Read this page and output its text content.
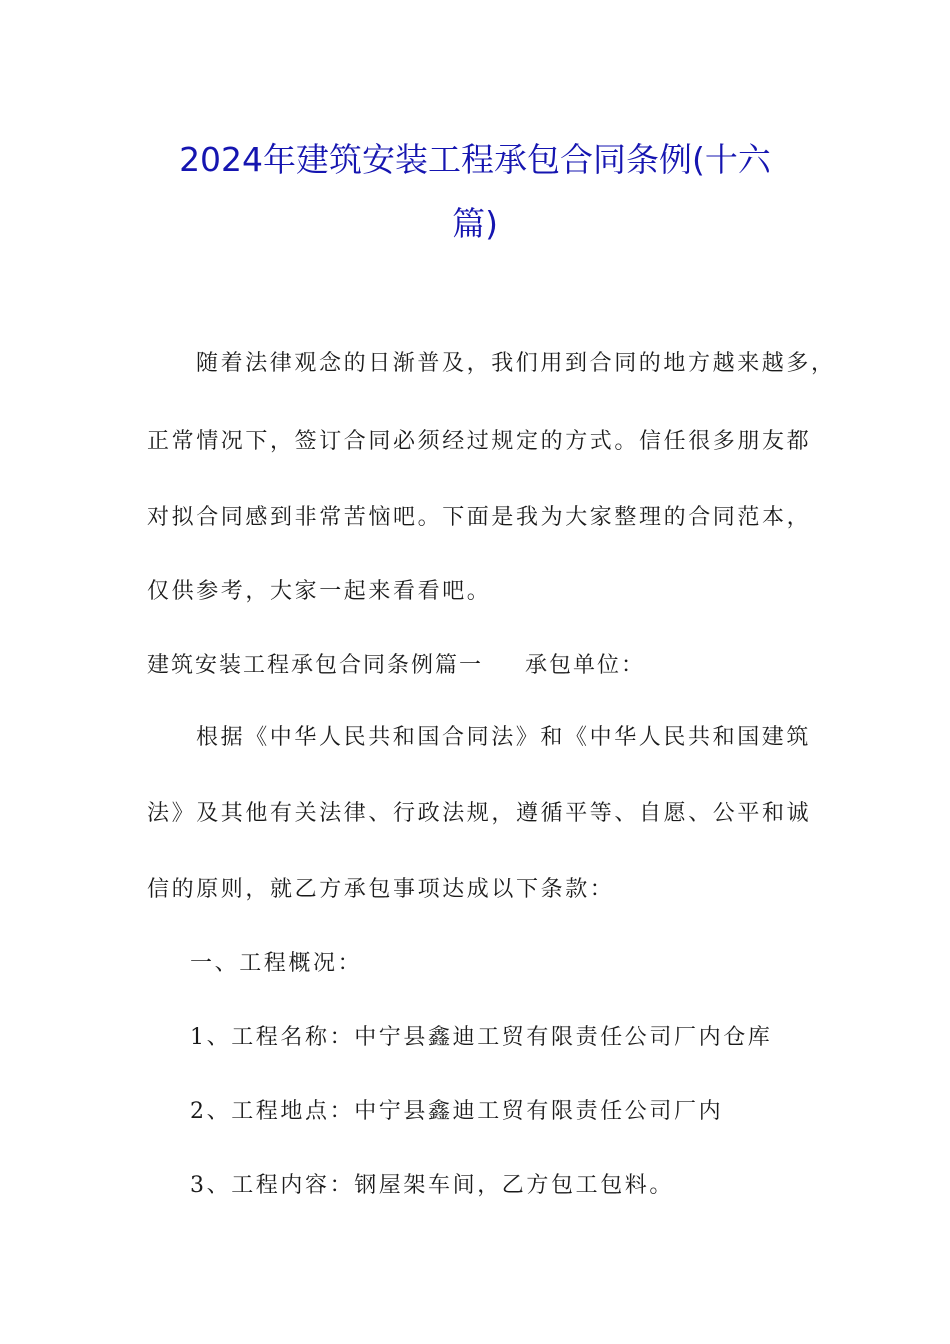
2024年建筑安装工程承包合同条例(十六
篇)

随着法律观念的日渐普及，我们用到合同的地方越来越多，

正常情况下，签订合同必须经过规定的方式。信任很多朋友都

对拟合同感到非常苦恼吧。下面是我为大家整理的合同范本，

仅供参考，大家一起来看看吧。

建筑安装工程承包合同条例篇一 承包单位：

根据《中华人民共和国合同法》和《中华人民共和国建筑

法》及其他有关法律、行政法规，遵循平等、自愿、公平和诚

信的原则，就乙方承包事项达成以下条款：

一、工程概况：

1、工程名称：中宁县鑫迪工贸有限责任公司厂内仓库

2、工程地点：中宁县鑫迪工贸有限责任公司厂内

3、工程内容：钢屋架车间，乙方包工包料。
